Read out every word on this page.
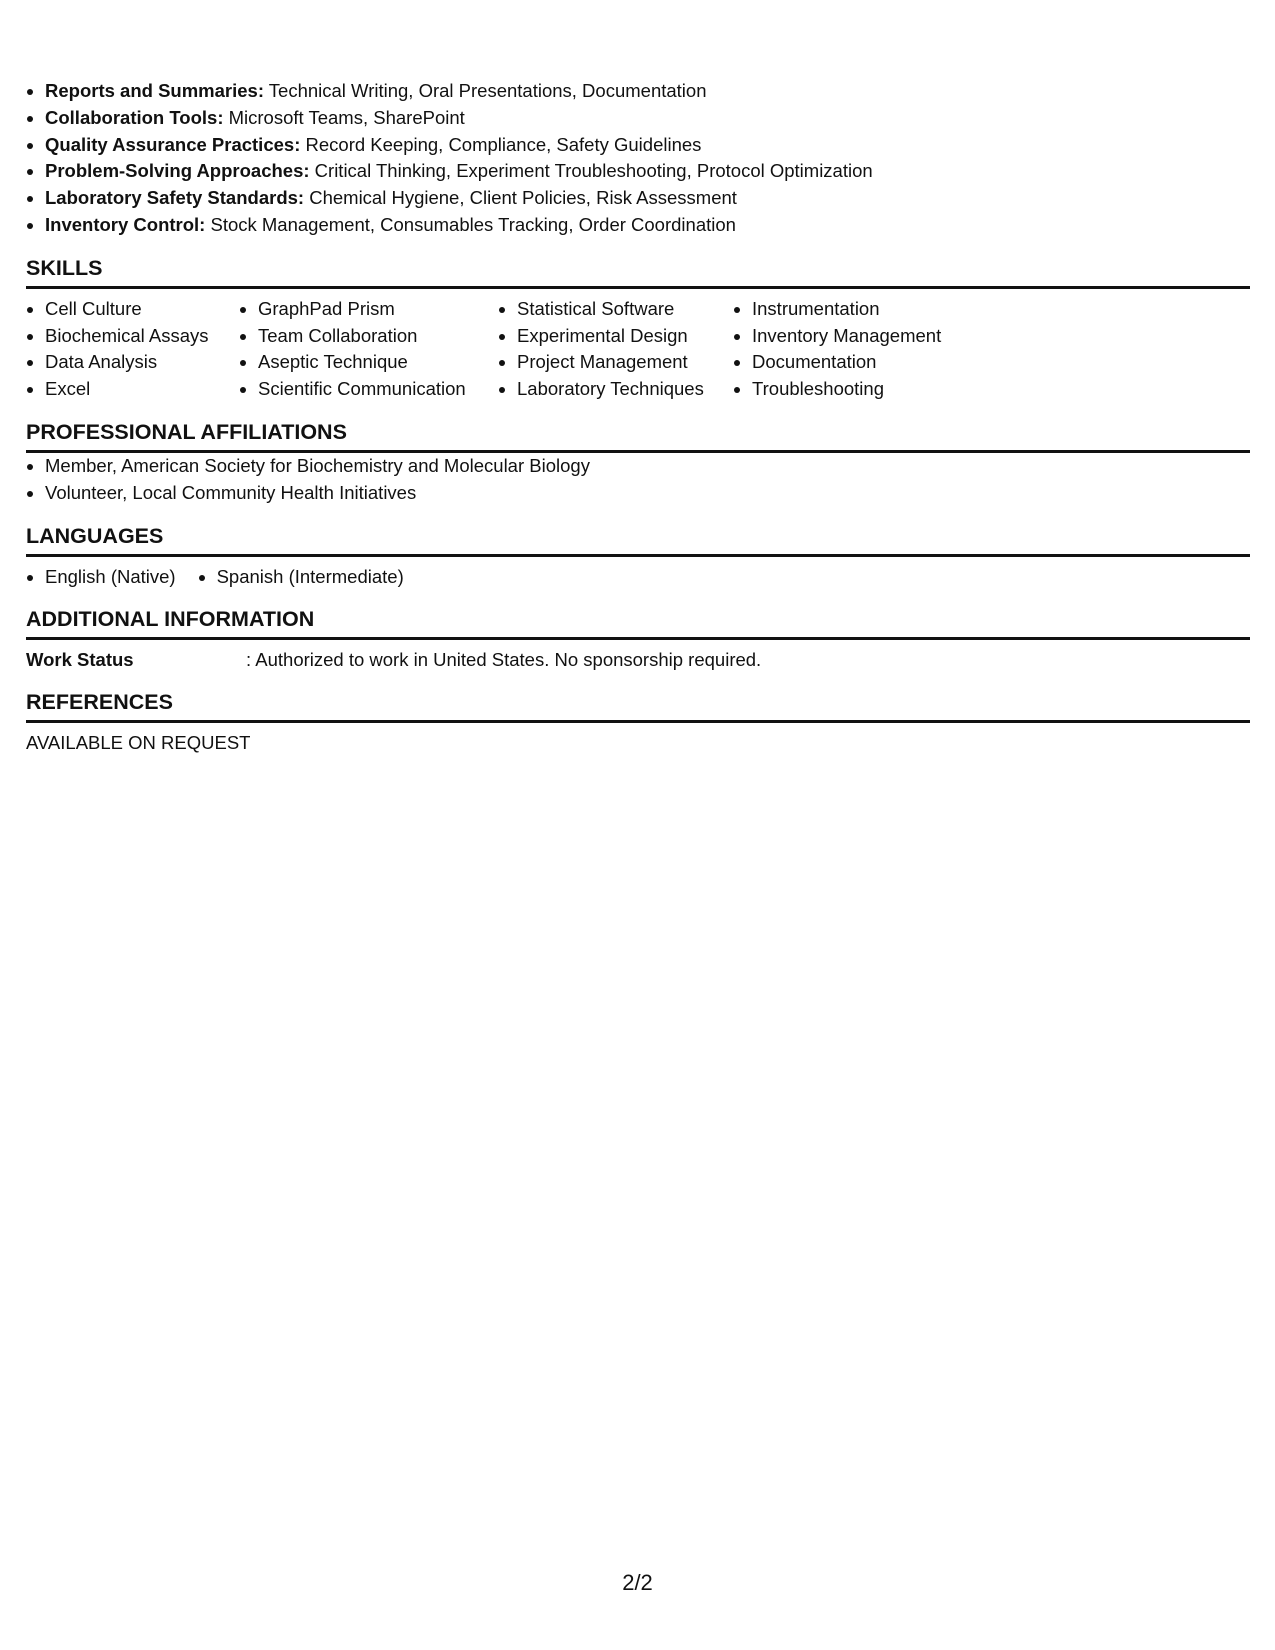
Reports and Summaries: Technical Writing, Oral Presentations, Documentation
Collaboration Tools: Microsoft Teams, SharePoint
Quality Assurance Practices: Record Keeping, Compliance, Safety Guidelines
Problem-Solving Approaches: Critical Thinking, Experiment Troubleshooting, Protocol Optimization
Laboratory Safety Standards: Chemical Hygiene, Client Policies, Risk Assessment
Inventory Control: Stock Management, Consumables Tracking, Order Coordination
SKILLS
Cell Culture
Biochemical Assays
Data Analysis
Excel
GraphPad Prism
Team Collaboration
Aseptic Technique
Scientific Communication
Statistical Software
Experimental Design
Project Management
Laboratory Techniques
Instrumentation
Inventory Management
Documentation
Troubleshooting
PROFESSIONAL AFFILIATIONS
Member, American Society for Biochemistry and Molecular Biology
Volunteer, Local Community Health Initiatives
LANGUAGES
English (Native)	Spanish (Intermediate)
ADDITIONAL INFORMATION
Work Status	: Authorized to work in United States. No sponsorship required.
REFERENCES
AVAILABLE ON REQUEST
2/2
